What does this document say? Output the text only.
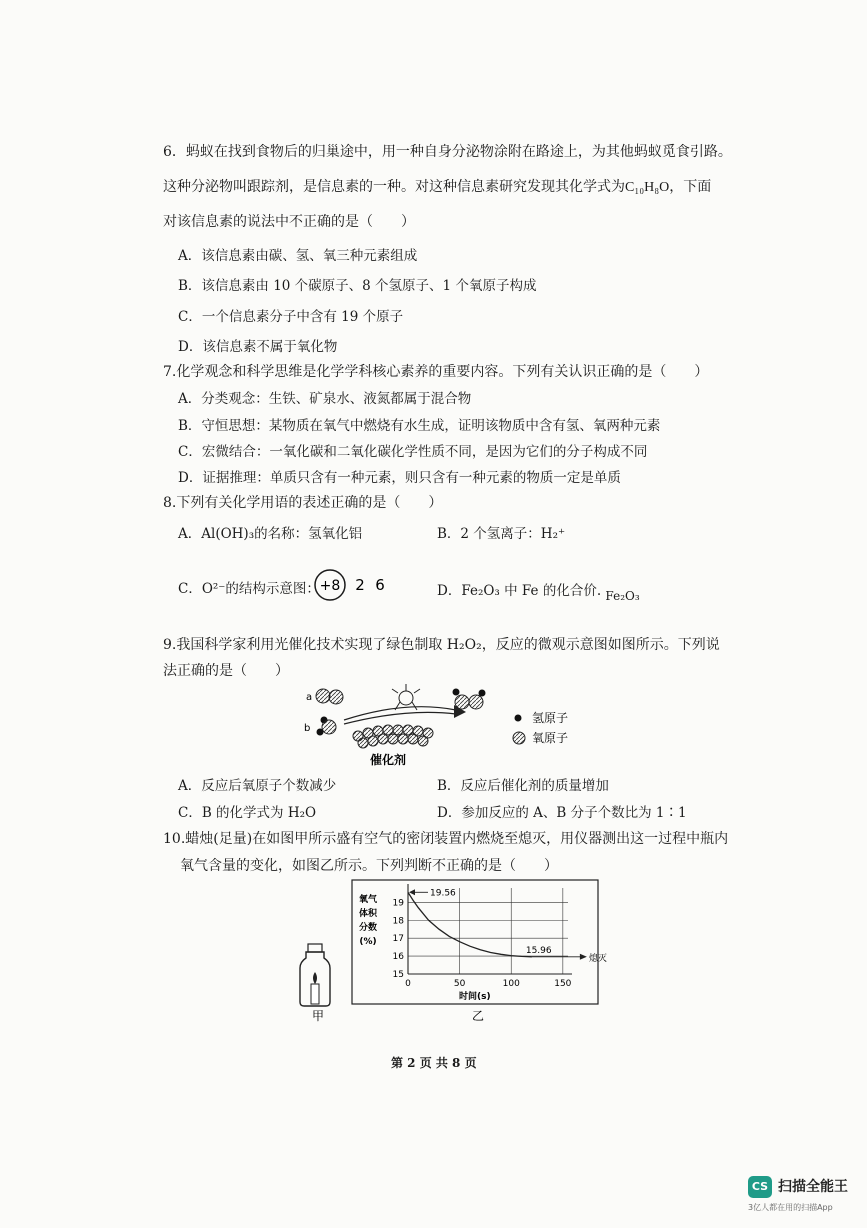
6．蚂蚁在找到食物后的归巢途中，用一种自身分泌物涂附在路途上，为其他蚂蚁觅食引路。
这种分泌物叫跟踪剂，是信息素的一种。对这种信息素研究发现其化学式为C₁₀H₈O，下面
对该信息素的说法中不正确的是（　　）
A．该信息素由碳、氢、氧三种元素组成
B．该信息素由 10 个碳原子、8 个氢原子、1 个氧原子构成
C．一个信息素分子中含有 19 个原子
D．该信息素不属于氧化物
7.化学观念和科学思维是化学学科核心素养的重要内容。下列有关认识正确的是（　　）
A．分类观念：生铁、矿泉水、液氮都属于混合物
B．守恒思想：某物质在氧气中燃烧有水生成，证明该物质中含有氢、氧两种元素
C．宏微结合：一氧化碳和二氧化碳化学性质不同，是因为它们的分子构成不同
D．证据推理：单质只含有一种元素，则只含有一种元素的物质一定是单质
8.下列有关化学用语的表述正确的是（　　）
A．Al(OH)₃的名称：氢氧化铝	B．2 个氢离子：H₂⁺
C．O²⁻的结构示意图： +8 2 6	D．Fe₂O₃ 中 Fe 的化合价. Fe₂O₃
9.我国科学家利用光催化技术实现了绿色制取 H₂O₂，反应的微观示意图如图所示。下列说
法正确的是（　　）
a
b
催化剂
氢原子
氧原子
A．反应后氧原子个数减少	B．反应后催化剂的质量增加
C．B 的化学式为 H₂O	D．参加反应的 A、B 分子个数比为 1∶1
10.蜡烛(足量)在如图甲所示盛有空气的密闭装置内燃烧至熄灭，用仪器测出这一过程中瓶内
氧气含量的变化，如图乙所示。下列判断不正确的是（　　）
甲
15
16
17
18
19
0	50	100	150
氧气
体积
分数
(%)
19.56
15.96
熄灭
时间(s)
乙
第 2 页 共 8 页
CS 扫描全能王
3亿人都在用的扫描App
